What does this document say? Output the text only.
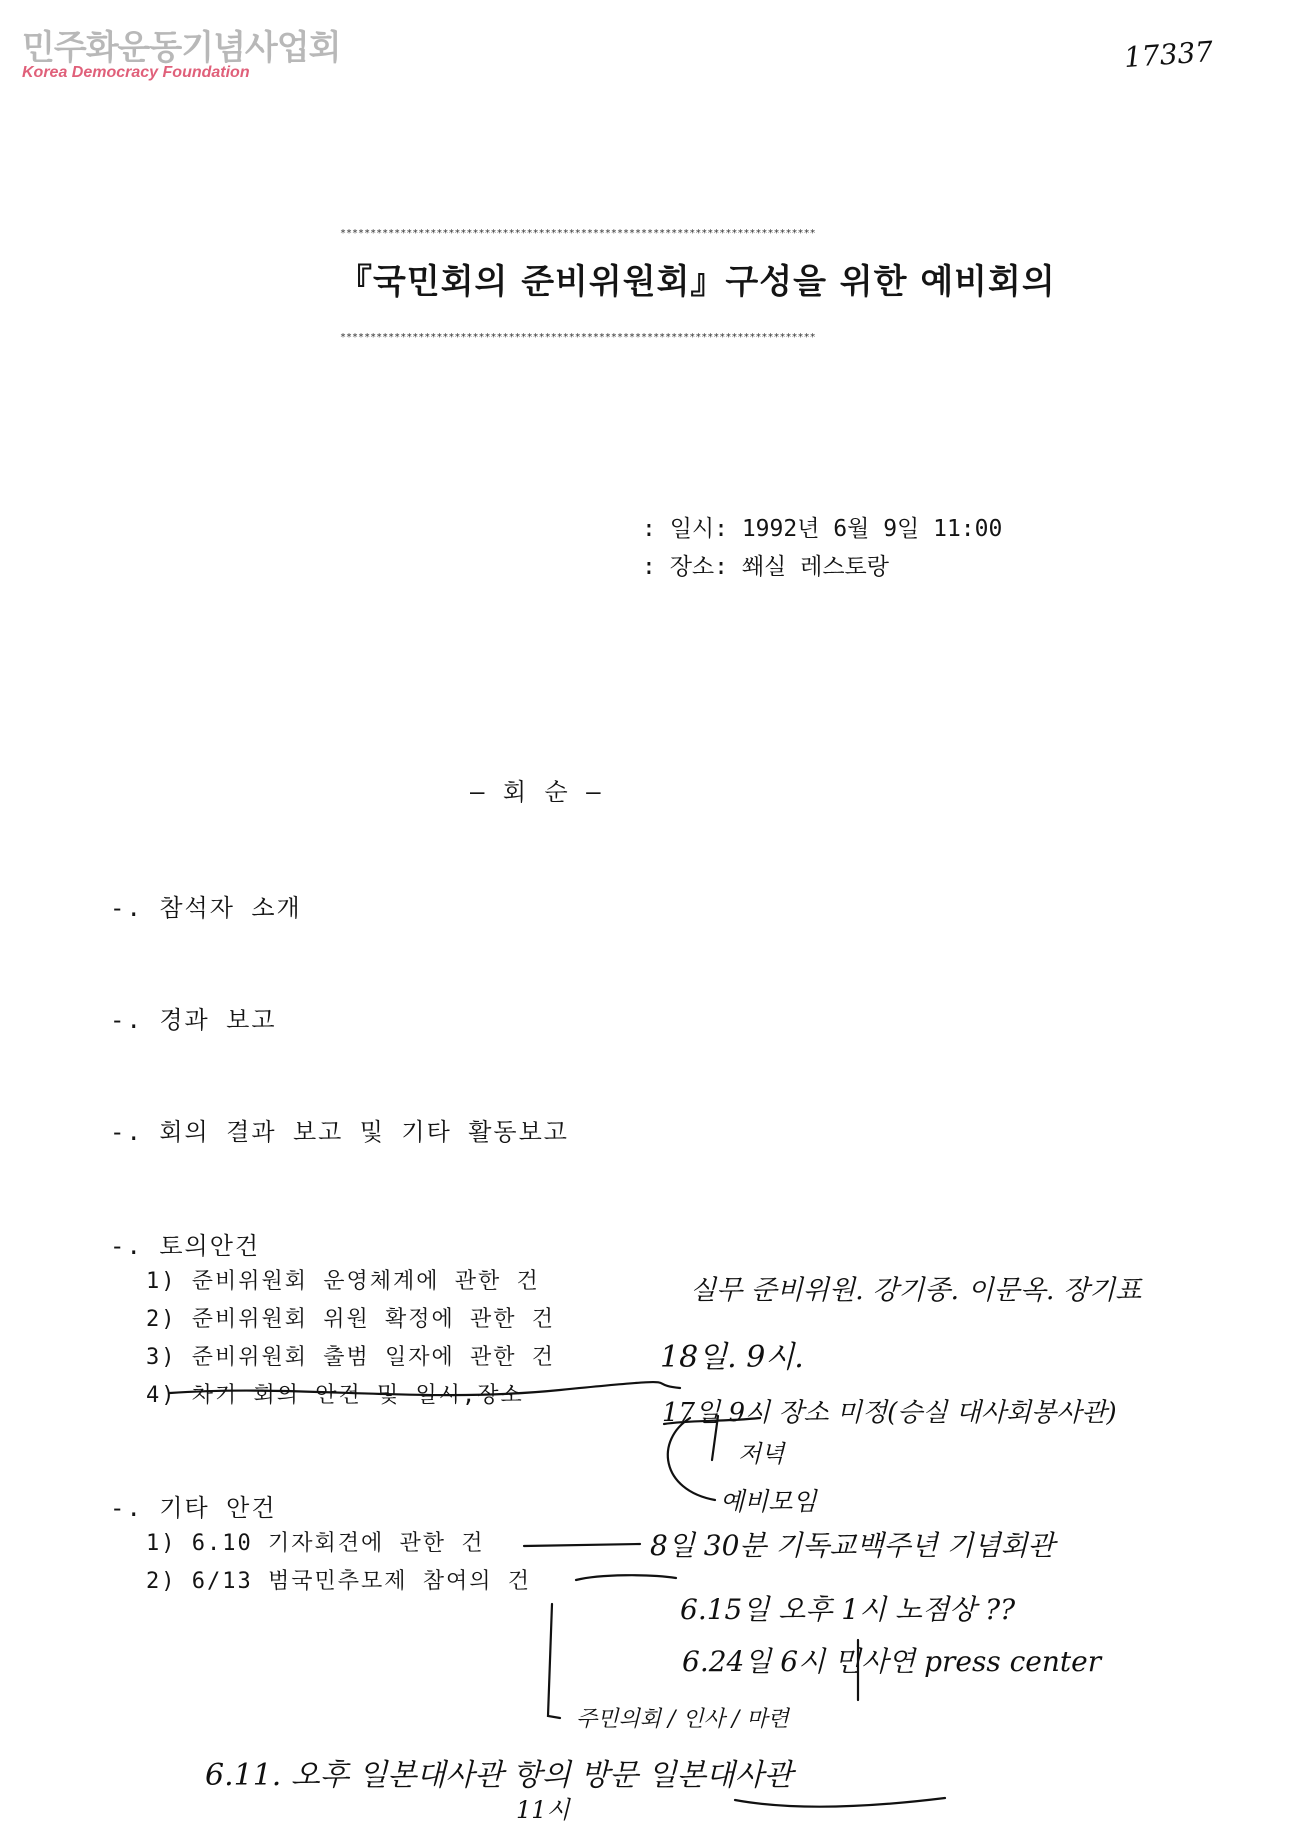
민주화운동기념사업회
Korea Democracy Foundation	17337
*******************************************************************************
『국민회의 준비위원회』구성을 위한 예비회의
*******************************************************************************
: 일시: 1992년 6월 9일 11:00
: 장소: 쐐실 레스토랑
— 회 순 —
-. 참석자 소개
-. 경과 보고
-. 회의 결과 보고 및 기타 활동보고
-. 토의안건
1) 준비위원회 운영체계에 관한 건
2) 준비위원회 위원 확정에 관한 건
3) 준비위원회 출범 일자에 관한 건
4) 차기 회의 안건 및 일시,장소
-. 기타 안건
1) 6.10 기자회견에 관한 건
2) 6/13 범국민추모제 참여의 건
실무 준비위원. 강기종. 이문옥. 장기표
18일. 9시.
17일 9시 장소 미정(승실 대사회봉사관)
저녁
예비모임
8일 30분 기독교백주년 기념회관
6.15일 오후 1시 노점상 ??
6.24일 6시 민사연 press center
주민의회 / 인사 / 마련
6.11. 오후 일본대사관 항의 방문 일본대사관
11시
